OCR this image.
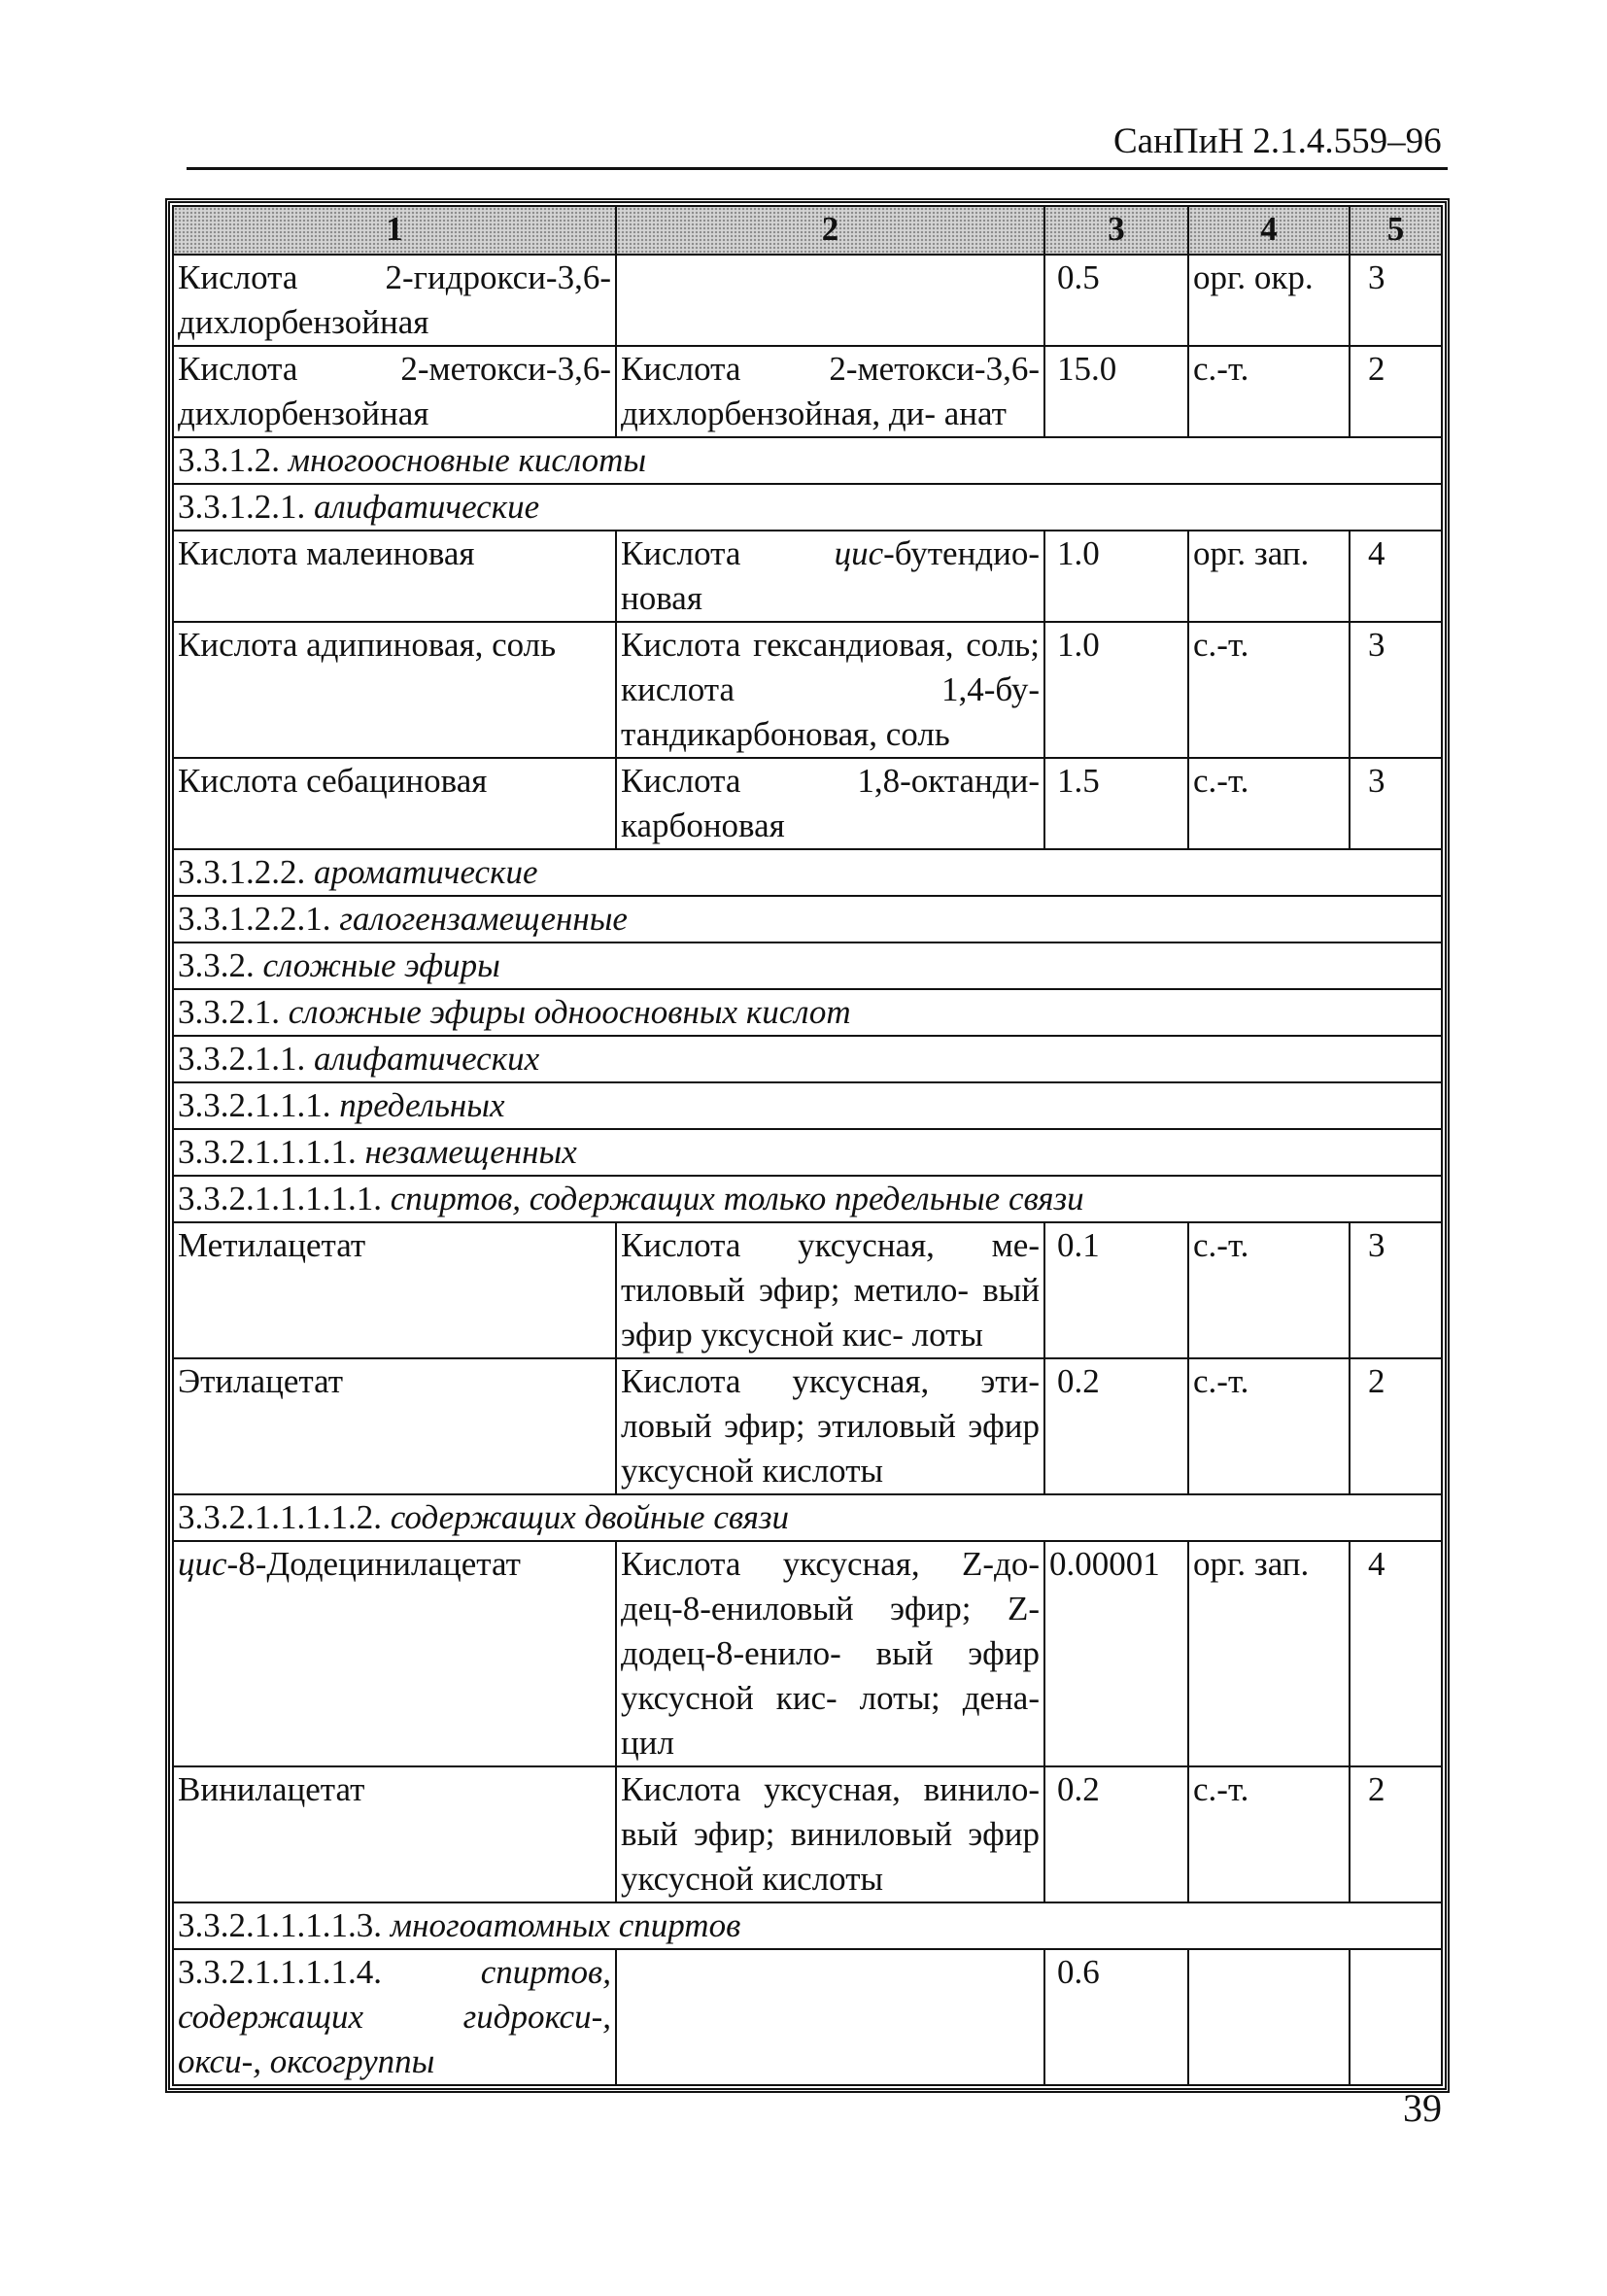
СанПиН 2.1.4.559–96
1	2	3	4	5
Кислота 2-гидрокси-3,6-дихлорбензойная		0.5	орг. окр.	3
Кислота 2-метокси-3,6- дихлорбензойная	Кислота 2-метокси-3,6-дихлорбензойная, ди- анат	15.0	с.-т.	2
3.3.1.2. многоосновные кислоты				
3.3.1.2.1. алифатические				
Кислота малеиновая	Кислота цис-бутендио- новая	1.0	орг. зап.	4
Кислота адипиновая, соль	Кислота гександиовая, соль; кислота 1,4-бу- тандикарбоновая, соль	1.0	с.-т.	3
Кислота себациновая	Кислота 1,8-октанди- карбоновая	1.5	с.-т.	3
3.3.1.2.2. ароматические				
3.3.1.2.2.1. галогензамещенные				
3.3.2. сложные эфиры				
3.3.2.1. сложные эфиры одноосновных кислот				
3.3.2.1.1. алифатических				
3.3.2.1.1.1. предельных				
3.3.2.1.1.1.1. незамещенных				
3.3.2.1.1.1.1.1. спиртов, содержащих только предельные связи				
Метилацетат	Кислота уксусная, ме- тиловый эфир; метило- вый эфир уксусной кис- лоты	0.1	с.-т.	3
Этилацетат	Кислота уксусная, эти- ловый эфир; этиловый эфир уксусной кислоты	0.2	с.-т.	2
3.3.2.1.1.1.1.2. содержащих двойные связи				
цис-8-Додецинилацетат	Кислота уксусная, Z-до- дец-8-ениловый эфир; Z-додец-8-енило- вый эфир уксусной кис- лоты; дена- цил	0.00001	орг. зап.	4
Винилацетат	Кислота уксусная, винило- вый эфир; виниловый эфир уксусной кислоты	0.2	с.-т.	2
3.3.2.1.1.1.1.3. многоатомных спиртов				
3.3.2.1.1.1.1.4. спиртов, содержащих гидрокси-, окси-, оксогруппы		0.6		
39
